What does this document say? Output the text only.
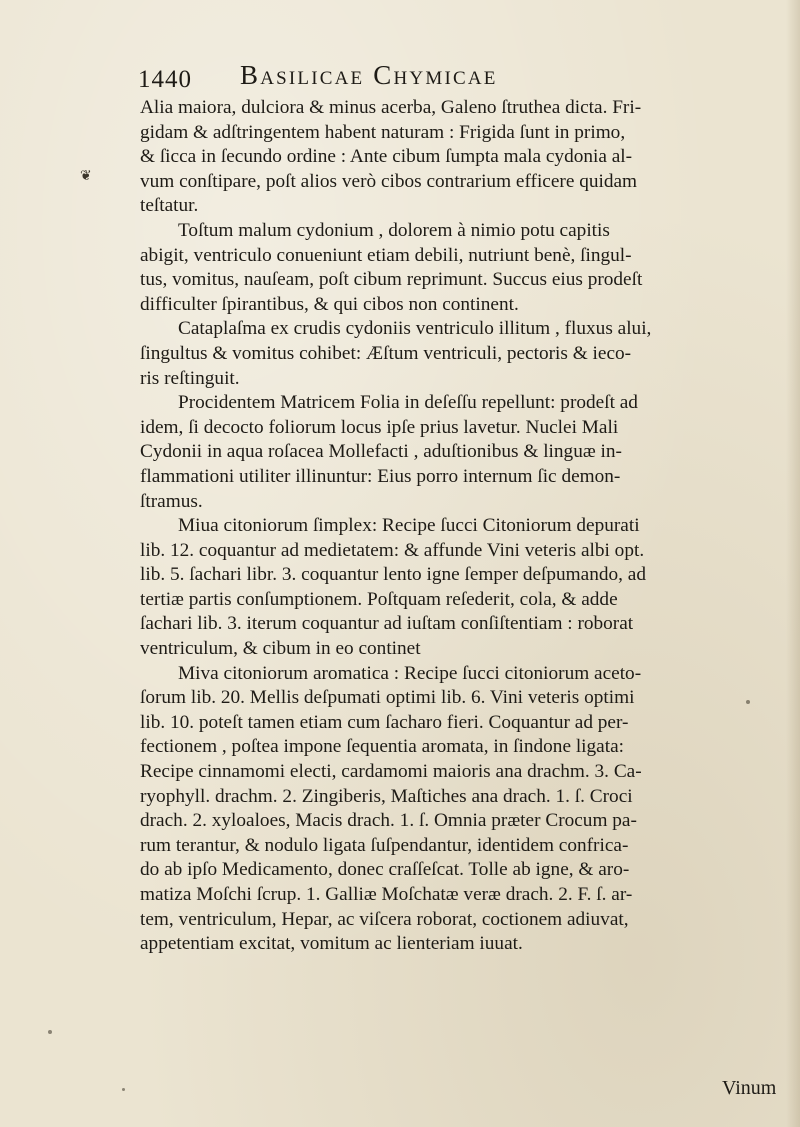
1440 Basilicae Chymicae
❦
Alia maiora, dulciora & minus acerba, Galeno ſtruthea dicta. Fri-
gidam & adſtringentem habent naturam : Frigida ſunt in primo,
& ſicca in ſecundo ordine : Ante cibum ſumpta mala cydonia al-
vum conſtipare, poſt alios verò cibos contrarium efficere quidam
teſtatur.
Toſtum malum cydonium , dolorem à nimio potu capitis
abigit, ventriculo conueniunt etiam debili, nutriunt benè, ſingul-
tus, vomitus, nauſeam, poſt cibum reprimunt. Succus eius prodeſt
difficulter ſpirantibus, & qui cibos non continent.
Cataplaſma ex crudis cydoniis ventriculo illitum , fluxus alui,
ſingultus & vomitus cohibet: Æſtum ventriculi, pectoris & ieco-
ris reſtinguit.
Procidentem Matricem Folia in deſeſſu repellunt: prodeſt ad
idem, ſi decocto foliorum locus ipſe prius lavetur. Nuclei Mali
Cydonii in aqua roſacea Mollefacti , aduſtionibus & linguæ in-
flammationi utiliter illinuntur: Eius porro internum ſic demon-
ſtramus.
Miua citoniorum ſimplex: Recipe ſucci Citoniorum depurati
lib. 12. coquantur ad medietatem: & affunde Vini veteris albi opt.
lib. 5. ſachari libr. 3. coquantur lento igne ſemper deſpumando, ad
tertiæ partis conſumptionem. Poſtquam reſederit, cola, & adde
ſachari lib. 3. iterum coquantur ad iuſtam conſiſtentiam : roborat
ventriculum, & cibum in eo continet
Miva citoniorum aromatica : Recipe ſucci citoniorum aceto-
ſorum lib. 20. Mellis deſpumati optimi lib. 6. Vini veteris optimi
lib. 10. poteſt tamen etiam cum ſacharo fieri. Coquantur ad per-
fectionem , poſtea impone ſequentia aromata, in ſindone ligata:
Recipe cinnamomi electi, cardamomi maioris ana drachm. 3. Ca-
ryophyll. drachm. 2. Zingiberis, Maſtiches ana drach. 1. ſ. Croci
drach. 2. xyloaloes, Macis drach. 1. ſ. Omnia præter Crocum pa-
rum terantur, & nodulo ligata ſuſpendantur, identidem confrica-
do ab ipſo Medicamento, donec craſſeſcat. Tolle ab igne, & aro-
matiza Moſchi ſcrup. 1. Galliæ Moſchatæ veræ drach. 2. F. ſ. ar-
tem, ventriculum, Hepar, ac viſcera roborat, coctionem adiuvat,
appetentiam excitat, vomitum ac lienteriam iuuat.
Vinum
